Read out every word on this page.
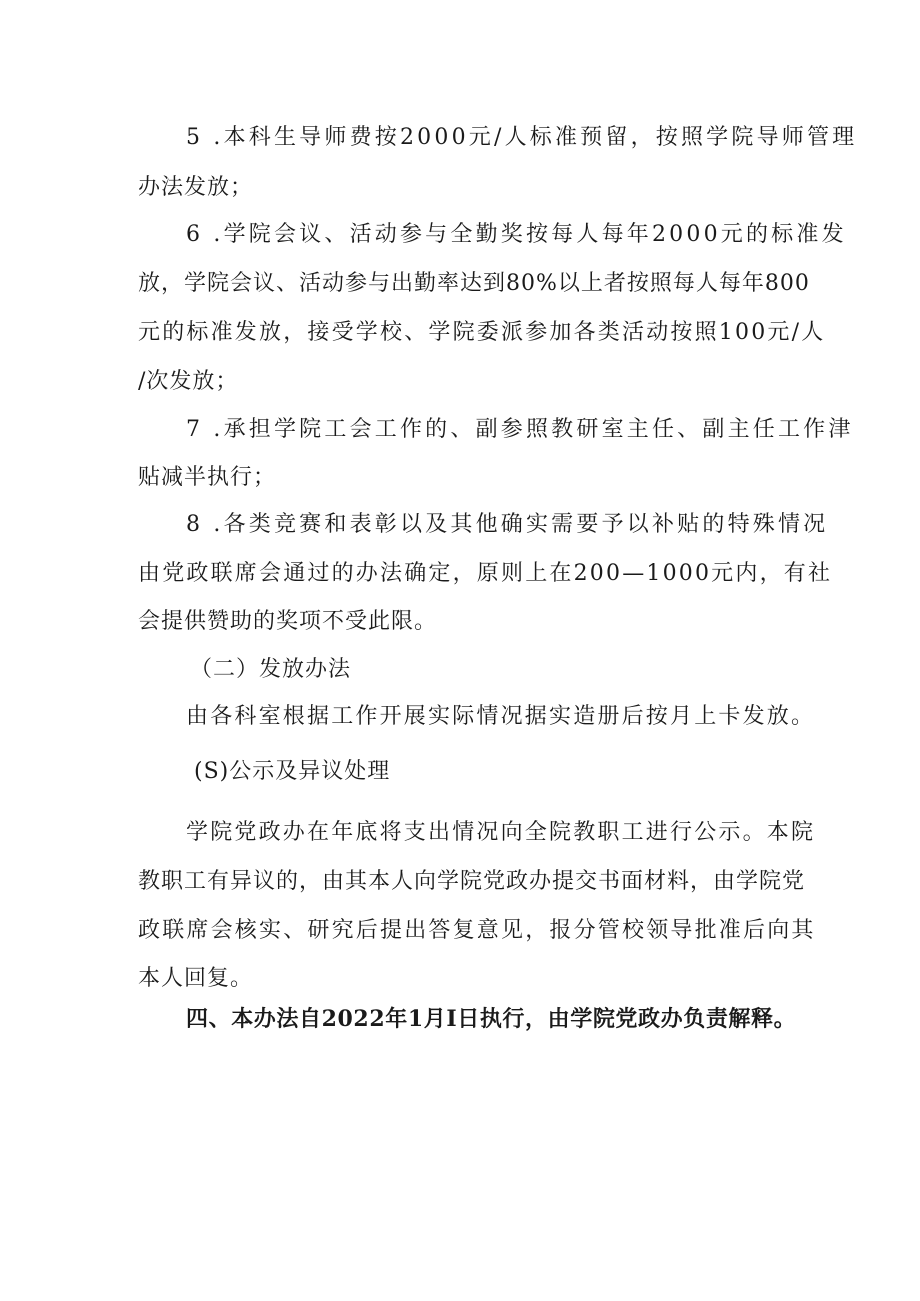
5 .本科生导师费按2000元/人标准预留，按照学院导师管理
办法发放；
6 .学院会议、活动参与全勤奖按每人每年2000元的标准发
放，学院会议、活动参与出勤率达到80%以上者按照每人每年800
元的标准发放，接受学校、学院委派参加各类活动按照100元/人
/次发放；
7 .承担学院工会工作的、副参照教研室主任、副主任工作津
贴减半执行；
8 .各类竞赛和表彰以及其他确实需要予以补贴的特殊情况
由党政联席会通过的办法确定，原则上在200—1000元内，有社
会提供赞助的奖项不受此限。
（二）发放办法
由各科室根据工作开展实际情况据实造册后按月上卡发放。
(S)公示及异议处理
学院党政办在年底将支出情况向全院教职工进行公示。本院
教职工有异议的，由其本人向学院党政办提交书面材料，由学院党
政联席会核实、研究后提出答复意见，报分管校领导批准后向其
本人回复。
四、本办法自2022年1月I日执行，由学院党政办负责解释。
